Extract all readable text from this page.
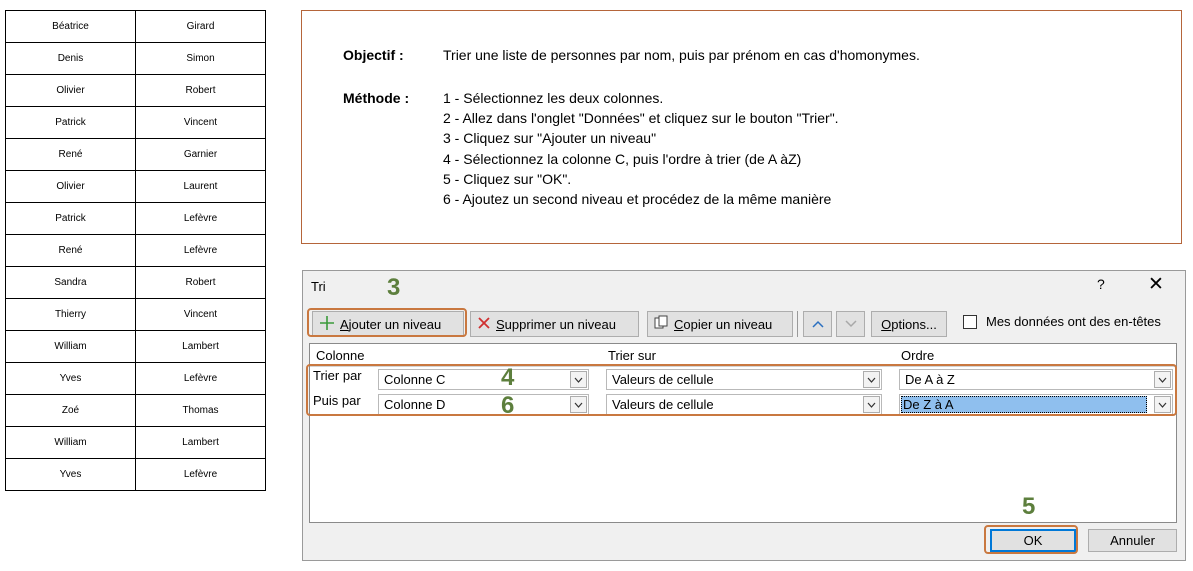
Béatrice	Girard
Denis	Simon
Olivier	Robert
Patrick	Vincent
René	Garnier
Olivier	Laurent
Patrick	Lefèvre
René	Lefèvre
Sandra	Robert
Thierry	Vincent
William	Lambert
Yves	Lefèvre
Zoé	Thomas
William	Lambert
Yves	Lefèvre
Objectif :	Trier une liste de personnes par nom, puis par prénom en cas d'homonymes.
Méthode : 1 - Sélectionnez les deux colonnes.
2 - Allez dans l'onglet "Données" et cliquez sur le bouton "Trier".
3 - Cliquez sur "Ajouter un niveau"
4 - Sélectionnez la colonne C, puis l'ordre à trier (de A àZ)
5 - Cliquez sur "OK".
6 - Ajoutez un second niveau et procédez de la même manière
Tri	? ✕
Ajouter un niveau	Supprimer un niveau	Copier un niveau	O ptions...	Mes données ont des en-têtes
Colonne	Trier sur	Ordre
Trier par	Colonne C	Valeurs de cellule	De A à Z
Puis par	Colonne D	Valeurs de cellule	De Z à A
OK	Annuler
3
4
5
6
